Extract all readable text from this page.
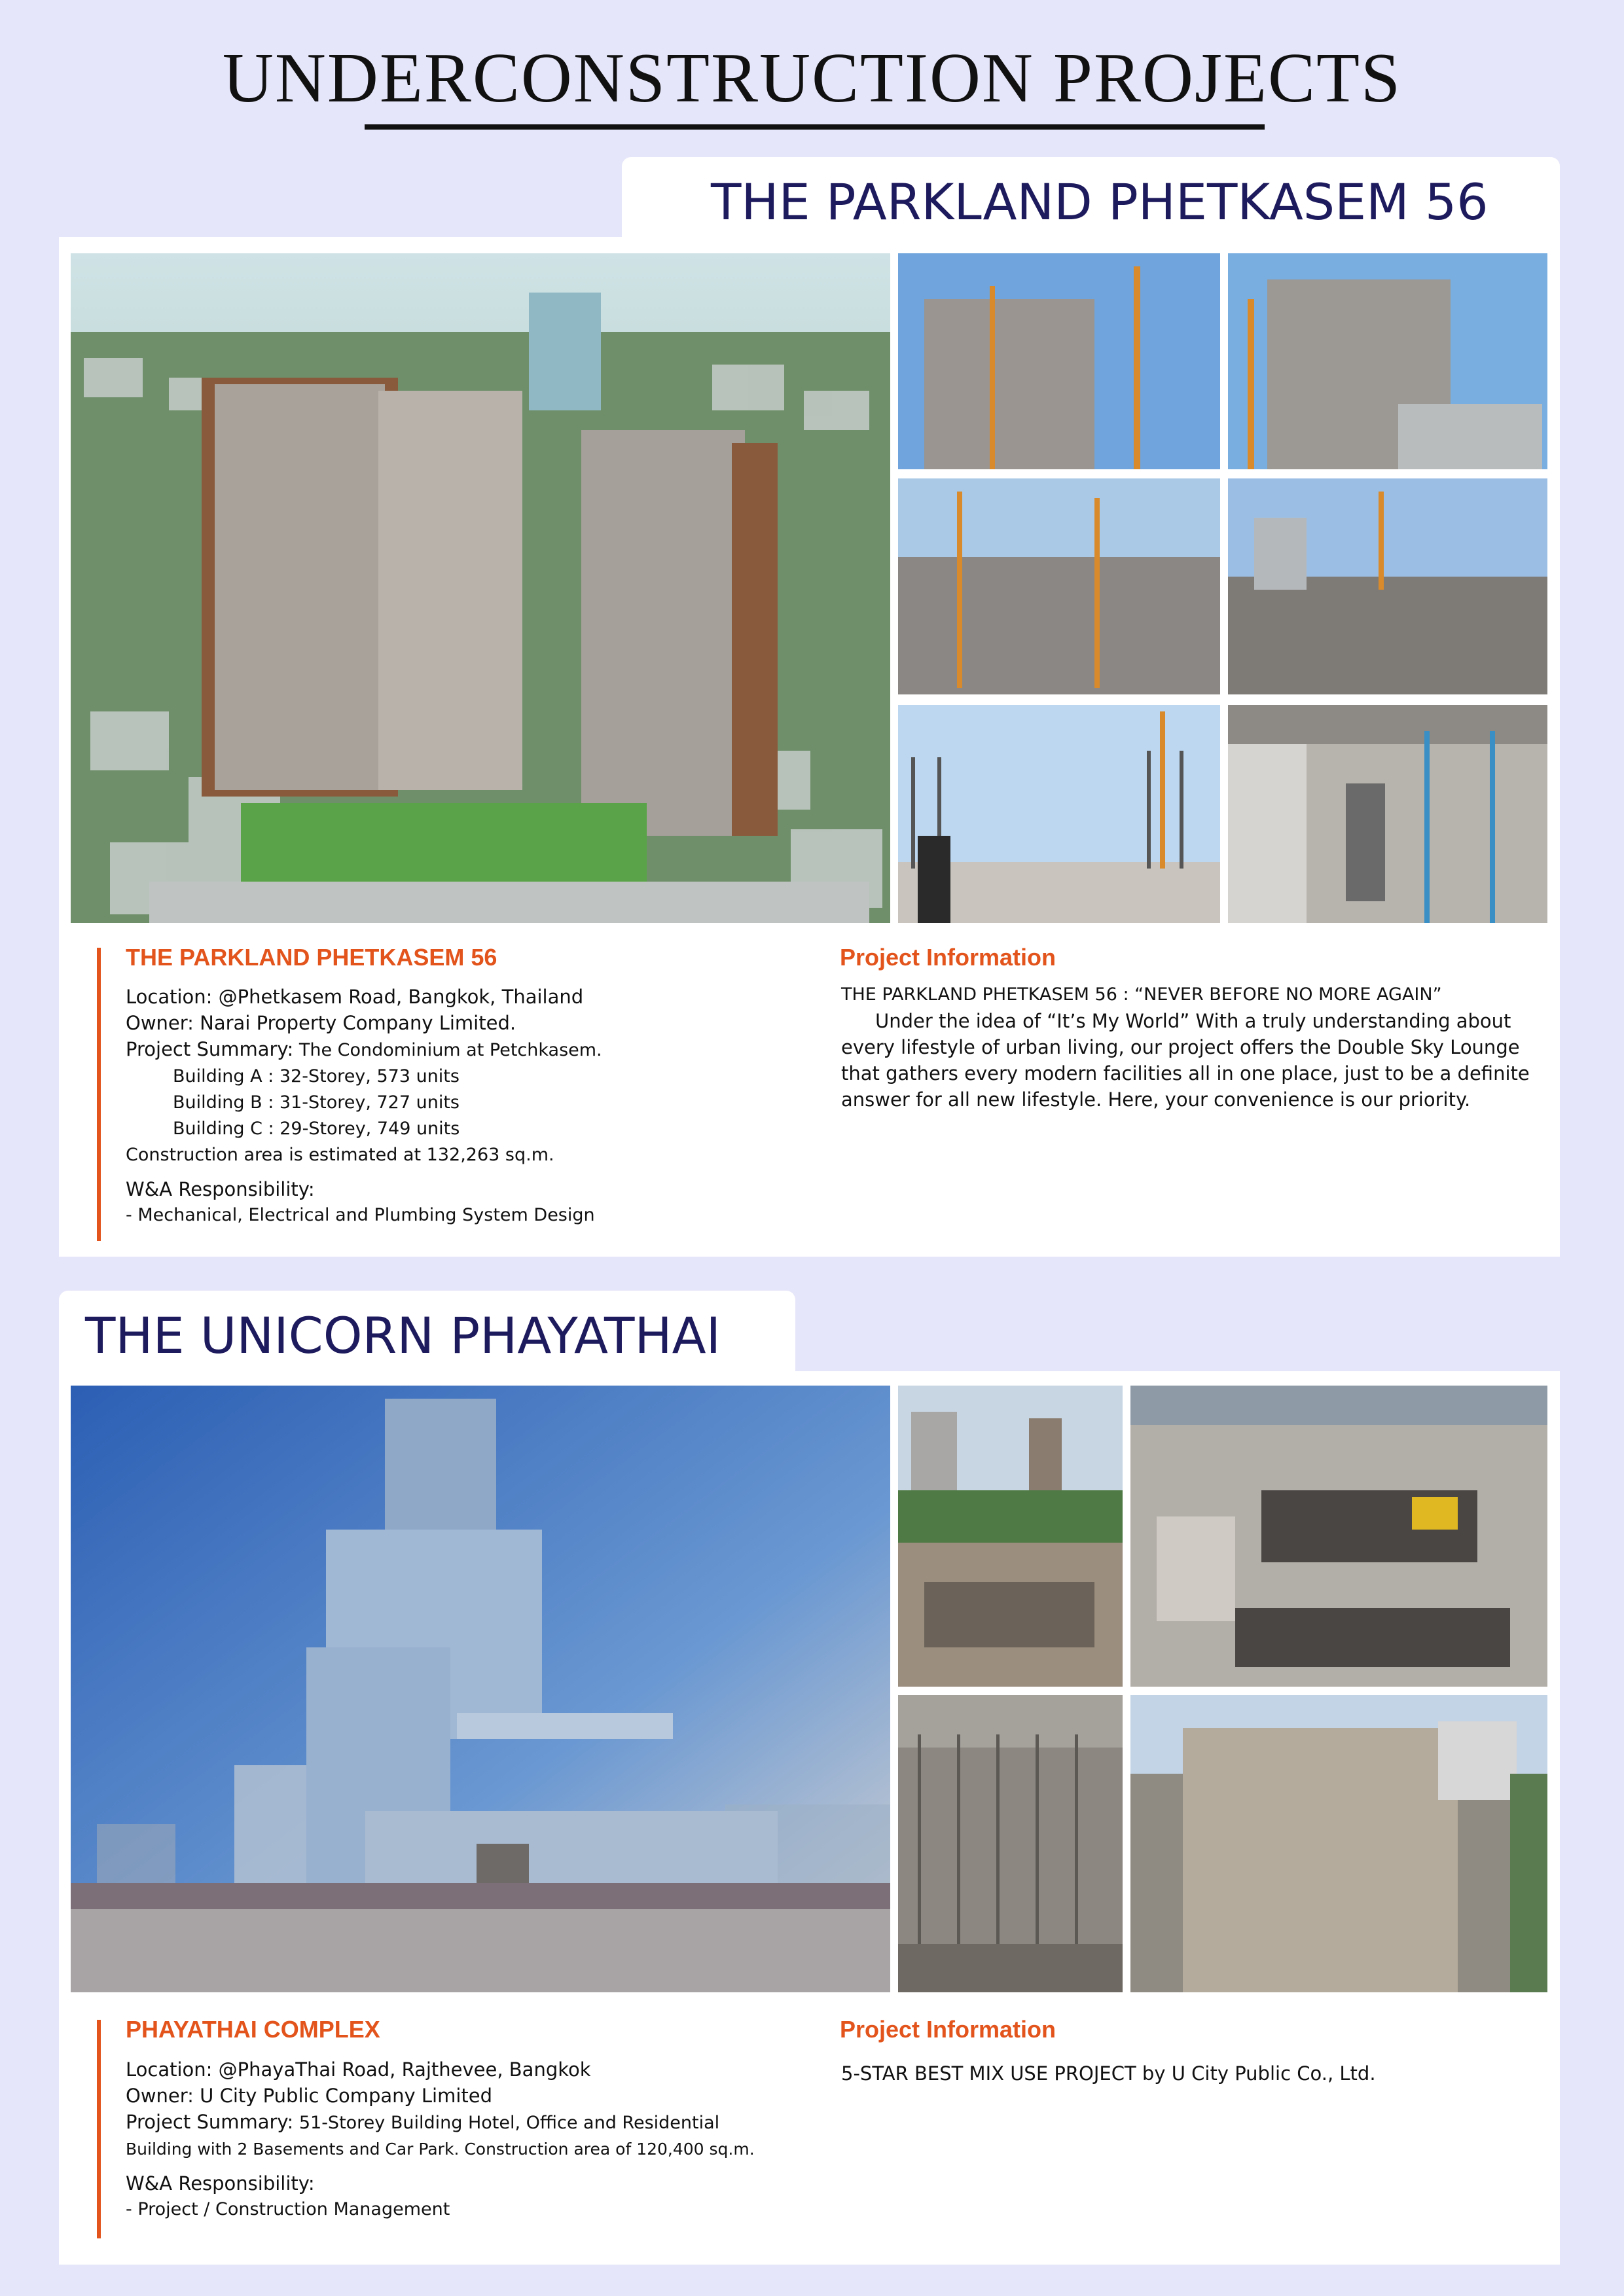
UNDERCONSTRUCTION PROJECTS
THE PARKLAND PHETKASEM 56
THE PARKLAND PHETKASEM 56

Location: @Phetkasem Road, Bangkok, Thailand

Owner: Narai Property Company Limited.

Project Summary: The Condominium at Petchkasem.

Building A : 32-Storey, 573 units

Building B : 31-Storey, 727 units

Building C : 29-Storey, 749 units

Construction area is estimated at 132,263 sq.m.

W&A Responsibility:

- Mechanical, Electrical and Plumbing System Design

Project Information

THE PARKLAND PHETKASEM 56 : “NEVER BEFORE NO MORE AGAIN”

Under the idea of “It’s My World” With a truly understanding about every lifestyle of urban living, our project offers the Double Sky Lounge that gathers every modern facilities all in one place, just to be a definite answer for all new lifestyle. Here, your convenience is our priority.

THE UNICORN PHAYATHAI
PHAYATHAI COMPLEX

Location: @PhayaThai Road, Rajthevee, Bangkok

Owner: U City Public Company Limited

Project Summary: 51-Storey Building Hotel, Office and Residential

Building with 2 Basements and Car Park. Construction area of 120,400 sq.m.

W&A Responsibility:

- Project / Construction Management

Project Information

5-STAR BEST MIX USE PROJECT by U City Public Co., Ltd.
